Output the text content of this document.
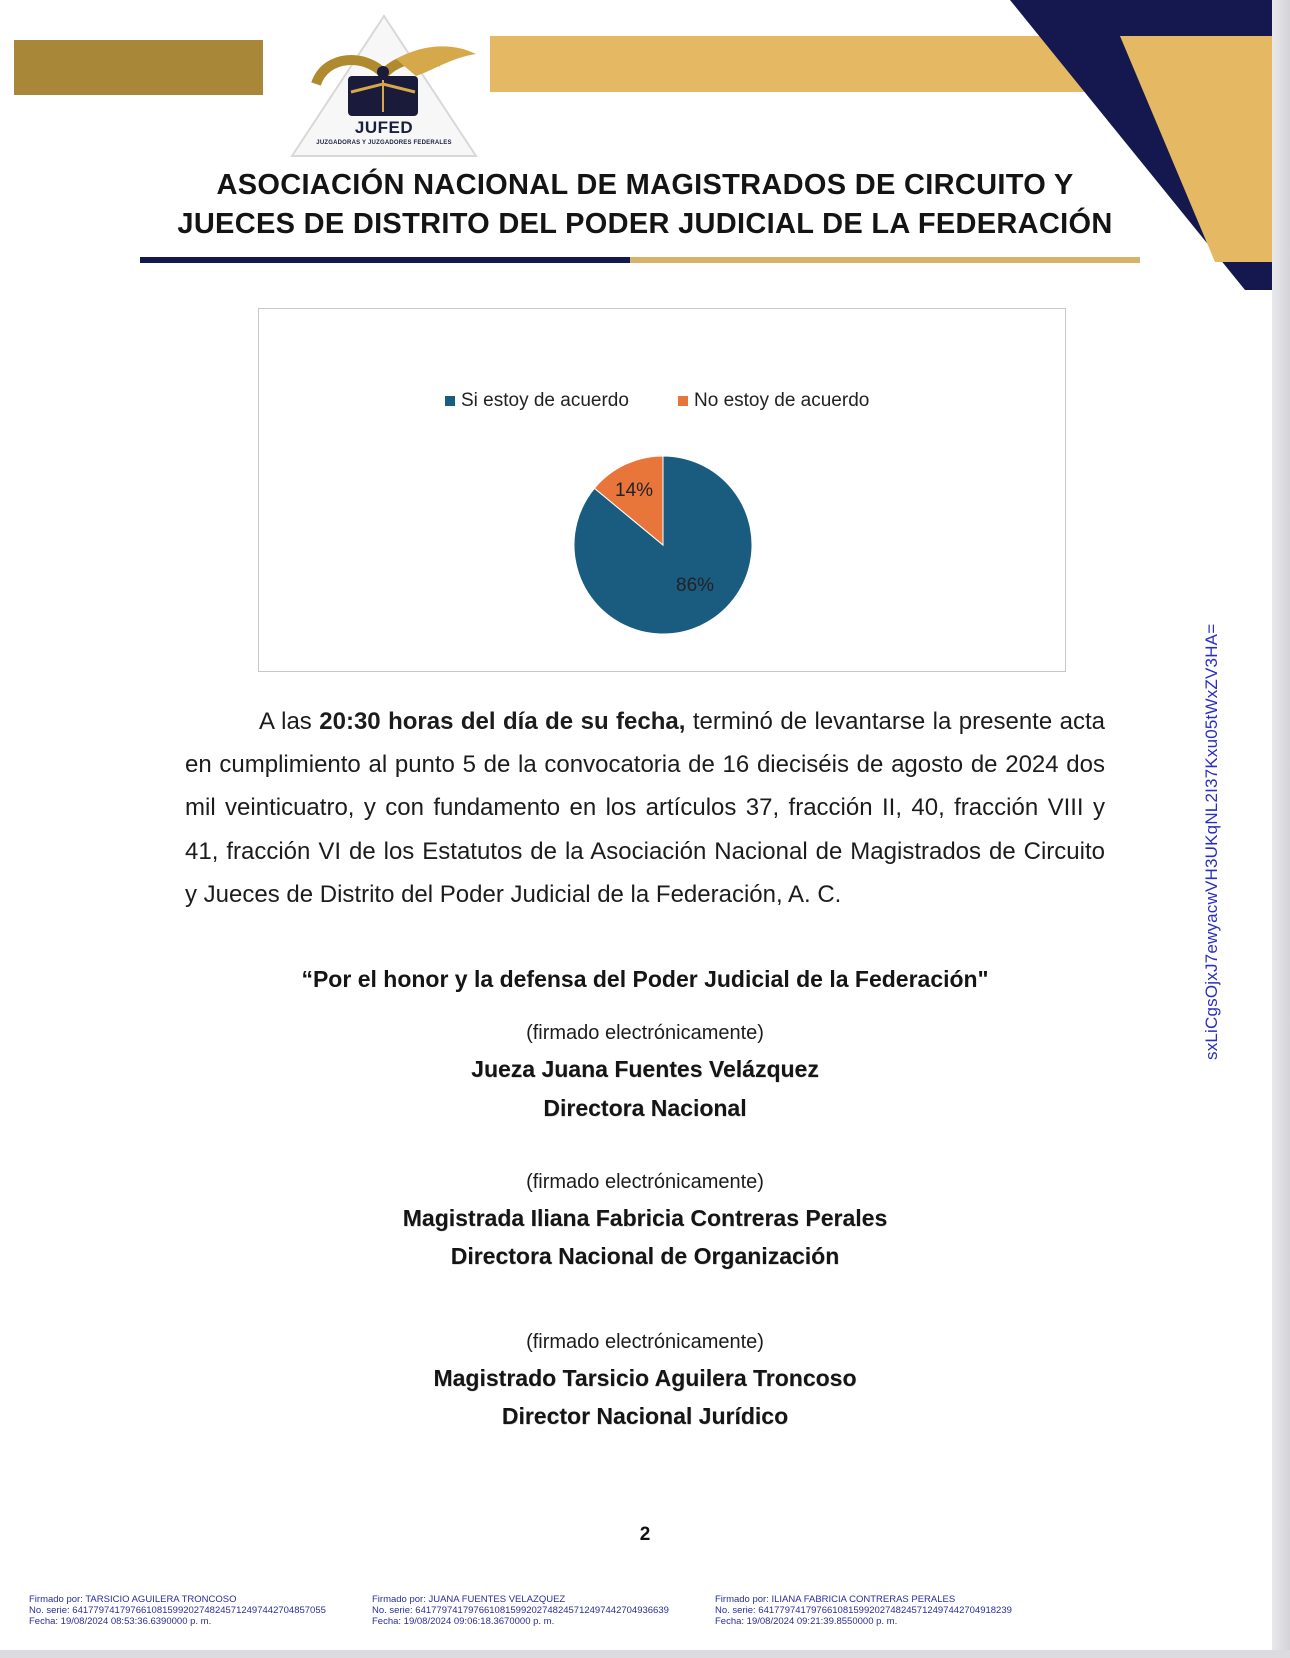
JUFED
JUZGADORAS Y JUZGADORES FEDERALES
ASOCIACIÓN NACIONAL DE MAGISTRADOS DE CIRCUITO Y
JUECES DE DISTRITO DEL PODER JUDICIAL DE LA FEDERACIÓN
Si estoy de acuerdo	No estoy de acuerdo
86%
14%
A las 20:30 horas del día de su fecha, terminó de levantarse la presente acta en cumplimiento al punto 5 de la convocatoria de 16 dieciséis de agosto de 2024 dos mil veinticuatro, y con fundamento en los artículos 37, fracción II, 40, fracción VIII y 41, fracción VI de los Estatutos de la Asociación Nacional de Magistrados de Circuito y Jueces de Distrito del Poder Judicial de la Federación, A. C.
“Por el honor y la defensa del Poder Judicial de la Federación"
(firmado electrónicamente)
Jueza Juana Fuentes Velázquez
Directora Nacional
(firmado electrónicamente)
Magistrada Iliana Fabricia Contreras Perales
Directora Nacional de Organización
(firmado electrónicamente)
Magistrado Tarsicio Aguilera Troncoso
Director Nacional Jurídico
2
sxLiCgsOjxJ7ewyacwVH3UKqNL2I37Kxu05tWxZV3HA=
Firmado por: TARSICIO AGUILERA TRONCOSO
No. serie: 641779741797661081599202748245712497442704857055
Fecha: 19/08/2024 08:53:36.6390000 p. m.
Firmado por: JUANA FUENTES VELAZQUEZ
No. serie: 641779741797661081599202748245712497442704936639
Fecha: 19/08/2024 09:06:18.3670000 p. m.
Firmado por: ILIANA FABRICIA CONTRERAS PERALES
No. serie: 641779741797661081599202748245712497442704918239
Fecha: 19/08/2024 09:21:39.8550000 p. m.
